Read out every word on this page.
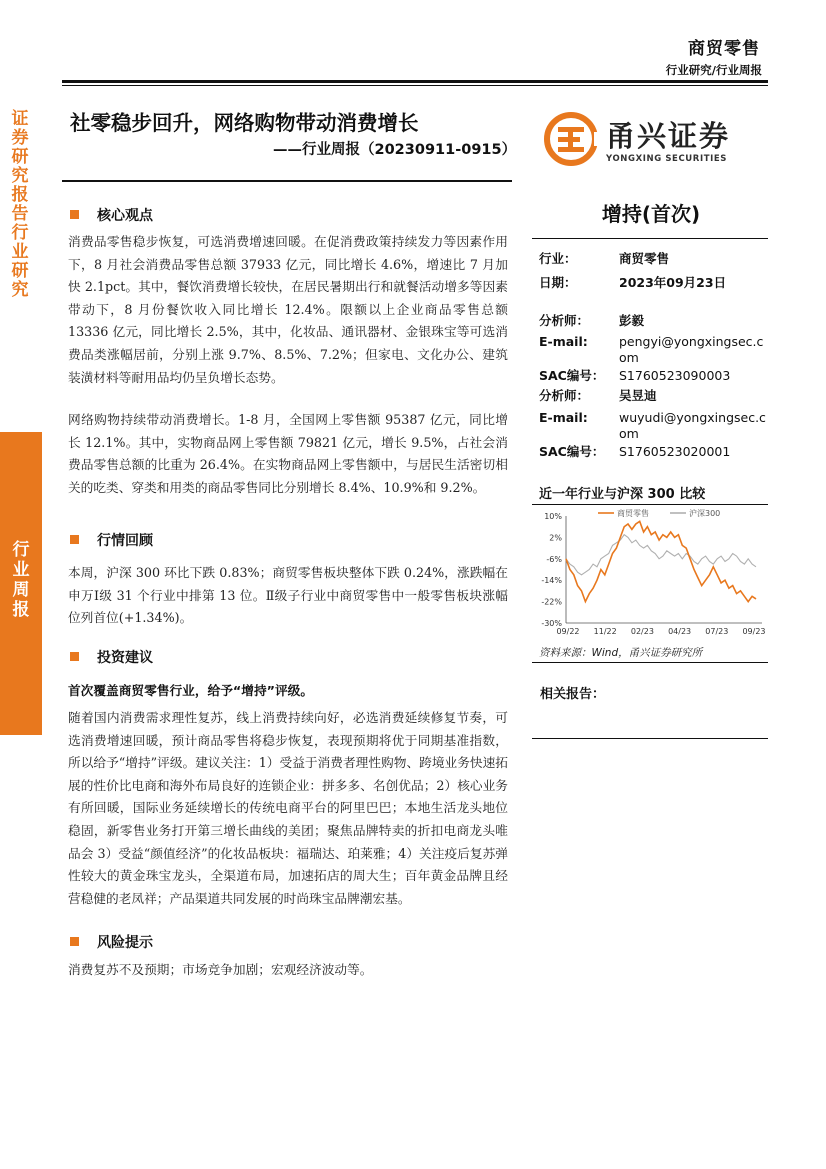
商贸零售
行业研究/行业周报
证券研究报告 行业研究
行业周报
社零稳步回升，网络购物带动消费增长
——行业周报（20230911-0915）	甬兴证券
YONGXING SECURITIES
核心观点
消费品零售稳步恢复，可选消费增速回暖。在促消费政策持续发力等因素作用下，8 月社会消费品零售总额 37933 亿元，同比增长 4.6%，增速比 7 月加快 2.1pct。其中，餐饮消费增长较快，在居民暑期出行和就餐活动增多等因素带动下，8 月份餐饮收入同比增长 12.4%。限额以上企业商品零售总额 13336 亿元，同比增长 2.5%，其中，化妆品、通讯器材、金银珠宝等可选消费品类涨幅居前，分别上涨 9.7%、8.5%、7.2%；但家电、文化办公、建筑装潢材料等耐用品均仍呈负增长态势。
网络购物持续带动消费增长。1-8 月，全国网上零售额 95387 亿元，同比增长 12.1%。其中，实物商品网上零售额 79821 亿元，增长 9.5%，占社会消费品零售总额的比重为 26.4%。在实物商品网上零售额中，与居民生活密切相关的吃类、穿类和用类的商品零售同比分别增长 8.4%、10.9%和 9.2%。
行情回顾
本周，沪深 300 环比下跌 0.83%；商贸零售板块整体下跌 0.24%，涨跌幅在申万Ⅰ级 31 个行业中排第 13 位。Ⅱ级子行业中商贸零售中一般零售板块涨幅位列首位(+1.34%)。
投资建议
首次覆盖商贸零售行业，给予“增持”评级。
随着国内消费需求理性复苏，线上消费持续向好，必选消费延续修复节奏，可选消费增速回暖，预计商品零售将稳步恢复，表现预期将优于同期基准指数，所以给予“增持”评级。建议关注：1）受益于消费者理性购物、跨境业务快速拓展的性价比电商和海外布局良好的连锁企业：拼多多、名创优品；2）核心业务有所回暖，国际业务延续增长的传统电商平台的阿里巴巴；本地生活龙头地位稳固，新零售业务打开第三增长曲线的美团；聚焦品牌特卖的折扣电商龙头唯品会 3）受益“颜值经济”的化妆品板块：福瑞达、珀莱雅；4）关注疫后复苏弹性较大的黄金珠宝龙头，全渠道布局，加速拓店的周大生；百年黄金品牌且经营稳健的老凤祥；产品渠道共同发展的时尚珠宝品牌潮宏基。
风险提示
消费复苏不及预期；市场竞争加剧；宏观经济波动等。
增持(首次)
行业：	商贸零售
日期：	2023年09月23日
分析师： 彭毅
E-mail: pengyi@yongxingsec.com
SAC编号： S1760523090003
分析师： 吴昱迪
E-mail: wuyudi@yongxingsec.com
SAC编号： S1760523020001
近一年行业与沪深 300 比较
10%
2%
-6%
-14%
-22%
-30%
09/22 11/22 02/23 04/23 07/23 09/23
商贸零售	沪深300
资料来源：Wind，甬兴证券研究所
相关报告：
